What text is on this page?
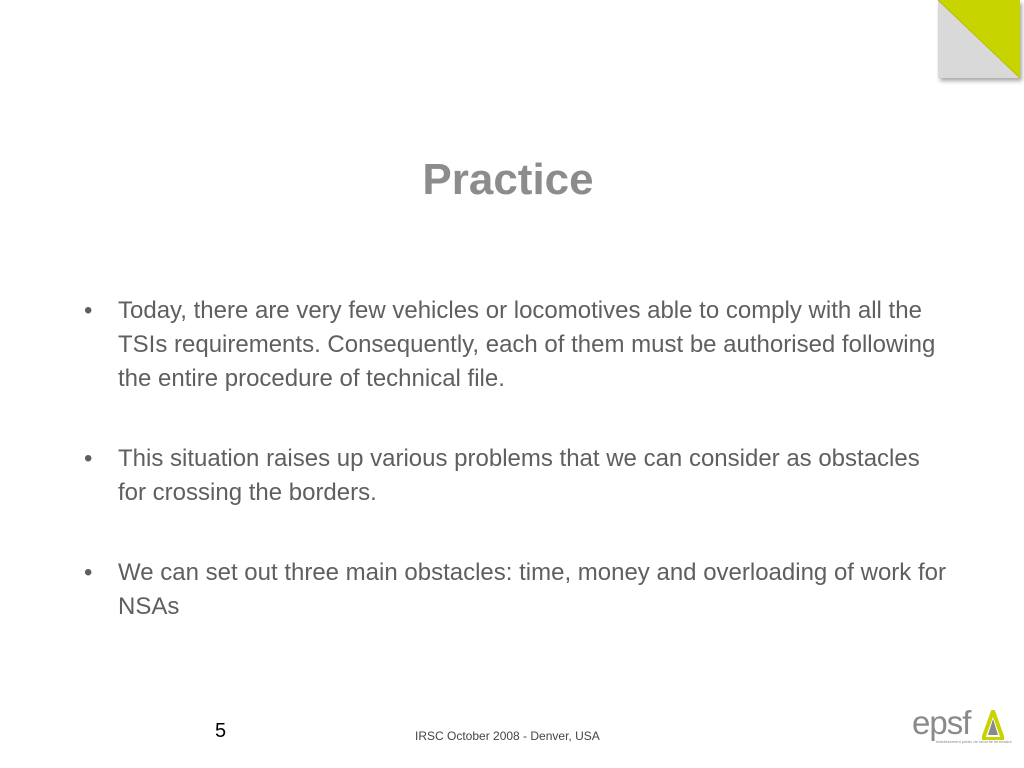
Practice
• Today, there are very few vehicles or locomotives able to comply with all the TSIs requirements. Consequently, each of them must be authorised following the entire procedure of technical file.
• This situation raises up various problems that we can consider as obstacles for crossing the borders.
• We can set out three main obstacles: time, money and overloading of work for NSAs
5	IRSC October 2008 - Denver, USA	epsf
établissement public de sécurité ferroviaire
